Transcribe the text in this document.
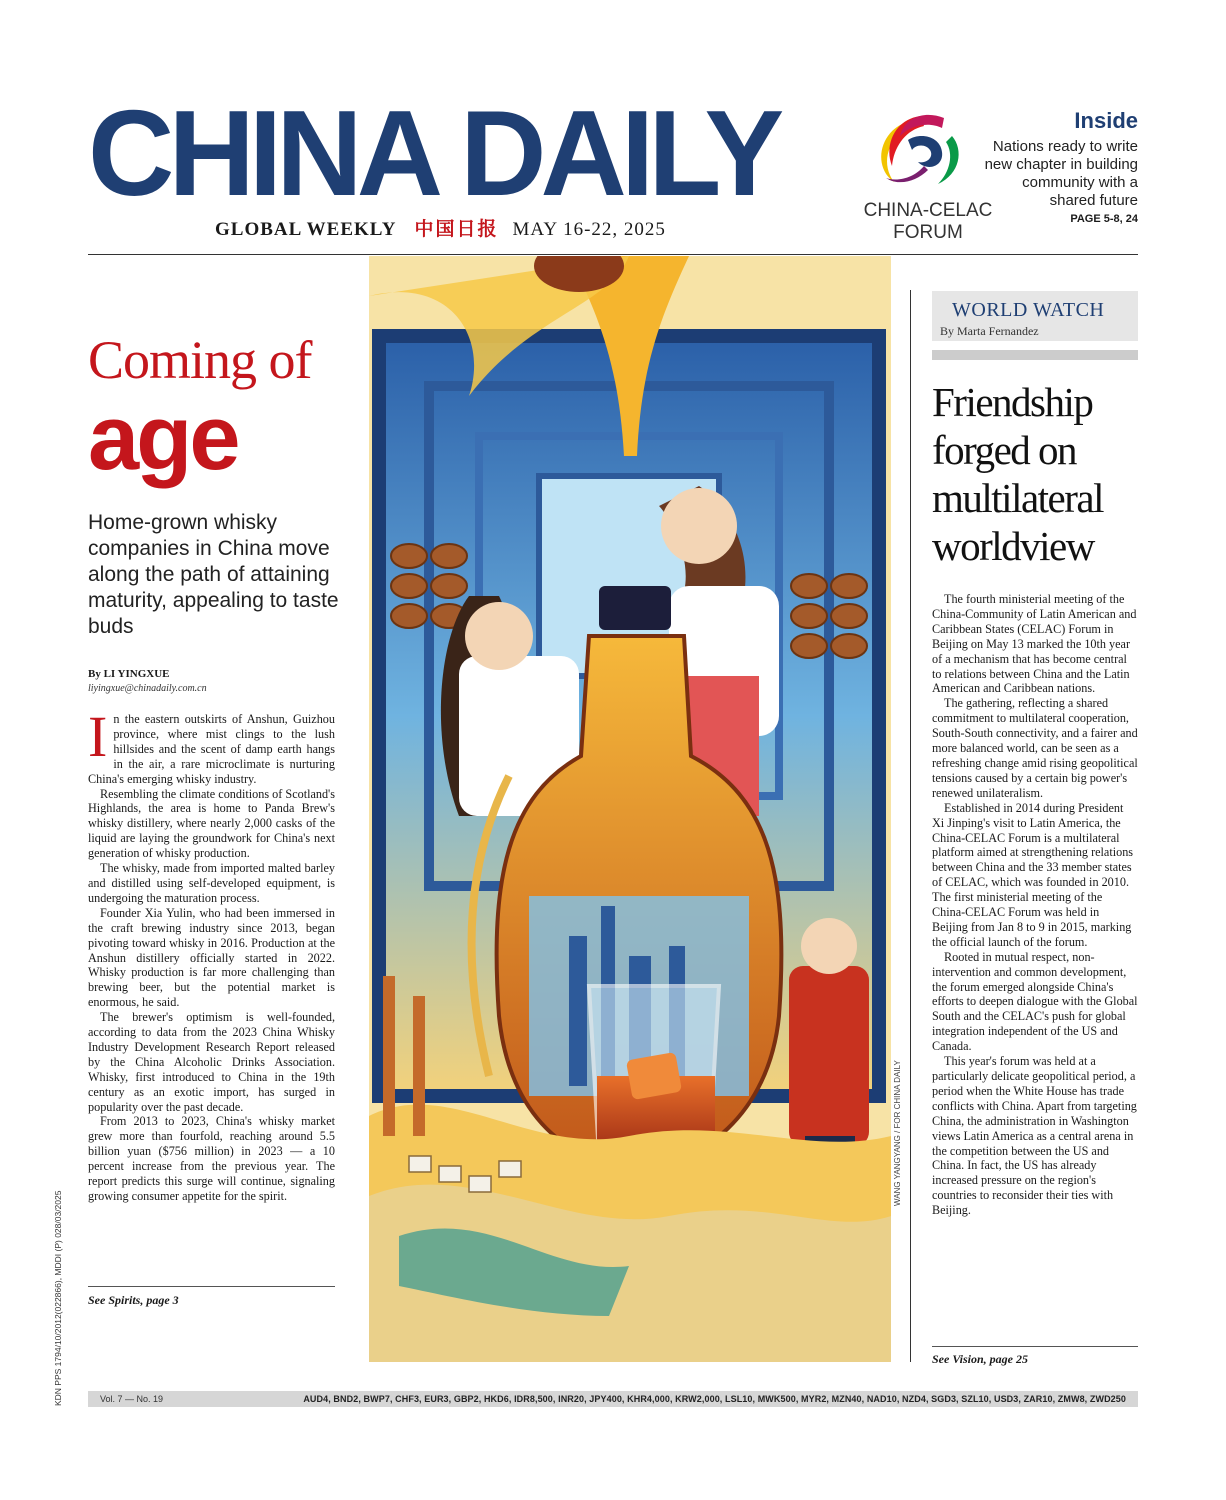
CHINA DAILY
GLOBAL WEEKLY 中国日报 MAY 16-22, 2025
CHINA-CELAC
FORUM
Inside
Nations ready to write new chapter in building community with a shared future
PAGE 5-8, 24
Coming of
age
Home-grown whisky companies in China move along the path of attaining maturity, appealing to taste buds
By LI YINGXUE
liyingxue@chinadaily.com.cn

In the eastern outskirts of Anshun, Guizhou province, where mist clings to the lush hillsides and the scent of damp earth hangs in the air, a rare microclimate is nurturing China's emerging whisky industry.

Resembling the climate conditions of Scotland's Highlands, the area is home to Panda Brew's whisky distillery, where nearly 2,000 casks of the liquid are laying the groundwork for China's next generation of whisky production.

The whisky, made from imported malted barley and distilled using self-developed equipment, is undergoing the maturation process.

Founder Xia Yulin, who had been immersed in the craft brewing industry since 2013, began pivoting toward whisky in 2016. Production at the Anshun distillery officially started in 2022. Whisky production is far more challenging than brewing beer, but the potential market is enormous, he said.

The brewer's optimism is well-founded, according to data from the 2023 China Whisky Industry Development Research Report released by the China Alcoholic Drinks Association. Whisky, first introduced to China in the 19th century as an exotic import, has surged in popularity over the past decade.

From 2013 to 2023, China's whisky market grew more than fourfold, reaching around 5.5 billion yuan ($756 million) in 2023 — a 10 percent increase from the previous year. The report predicts this surge will continue, signaling growing consumer appetite for the spirit.

See Spirits, page 3
WANG YANGYANG / FOR CHINA DAILY
WORLD WATCH
By Marta Fernandez
Friendship forged on multilateral worldview

The fourth ministerial meeting of the China-Community of Latin American and Caribbean States (CELAC) Forum in Beijing on May 13 marked the 10th year of a mechanism that has become central to relations between China and the Latin American and Caribbean nations.

The gathering, reflecting a shared commitment to multilateral cooperation, South-South connectivity, and a fairer and more balanced world, can be seen as a refreshing change amid rising geopolitical tensions caused by a certain big power's renewed unilateralism.

Established in 2014 during President Xi Jinping's visit to Latin America, the China-CELAC Forum is a multilateral platform aimed at strengthening relations between China and the 33 member states of CELAC, which was founded in 2010. The first ministerial meeting of the China-CELAC Forum was held in Beijing from Jan 8 to 9 in 2015, marking the official launch of the forum.

Rooted in mutual respect, non-intervention and common development, the forum emerged alongside China's efforts to deepen dialogue with the Global South and the CELAC's push for global integration independent of the US and Canada.

This year's forum was held at a particularly delicate geopolitical period, a period when the White House has trade conflicts with China. Apart from targeting China, the administration in Washington views Latin America as a central arena in the competition between the US and China. In fact, the US has already increased pressure on the region's countries to reconsider their ties with Beijing.

See Vision, page 25
Vol. 7 — No. 19	AUD4, BND2, BWP7, CHF3, EUR3, GBP2, HKD6, IDR8,500, INR20, JPY400, KHR4,000, KRW2,000, LSL10, MWK500, MYR2, MZN40, NAD10, NZD4, SGD3, SZL10, USD3, ZAR10, ZMW8, ZWD250
KDN PPS 1794/10/2012(022866), MDDI (P) 028/03/2025
